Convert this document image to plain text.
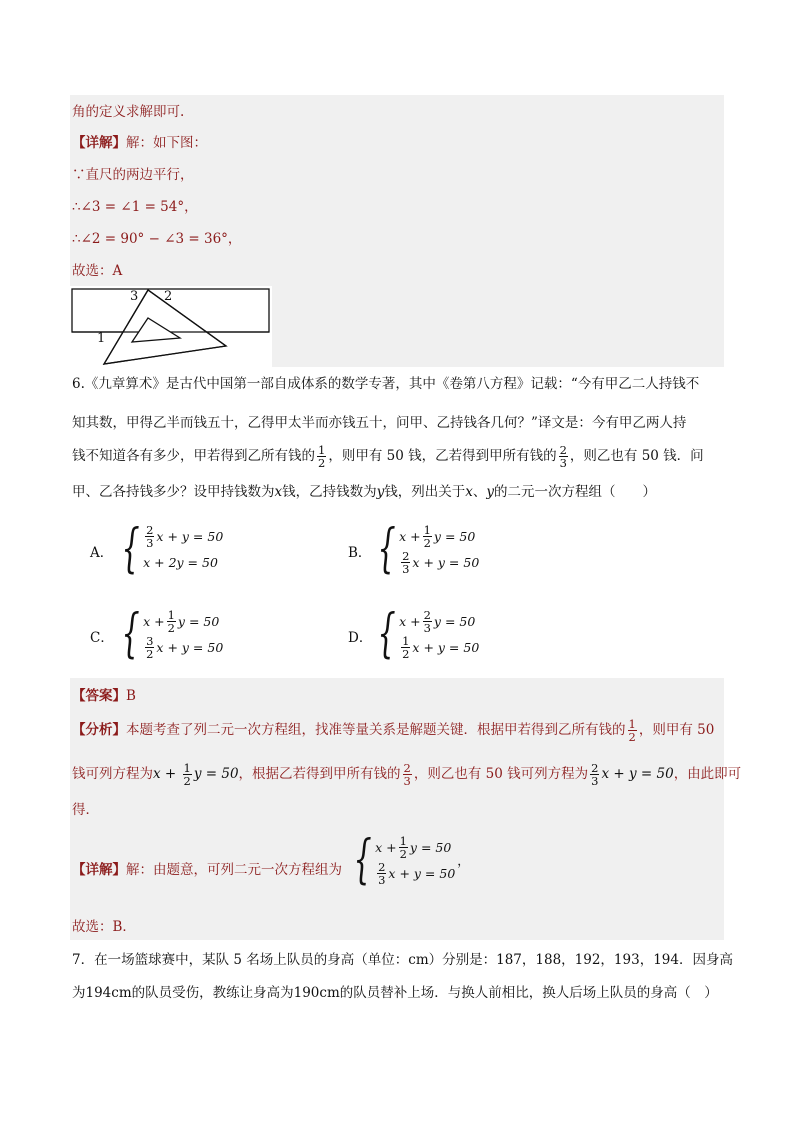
角的定义求解即可.
【详解】解：如下图：
∵直尺的两边平行，
∴∠3 = ∠1 = 54°，
∴∠2 = 90° − ∠3 = 36°，
故选：A
3 2
1
6.《九章算术》是古代中国第一部自成体系的数学专著，其中《卷第八方程》记载：“今有甲乙二人持钱不
知其数，甲得乙半而钱五十，乙得甲太半而亦钱五十，问甲、乙持钱各几何？”译文是：今有甲乙两人持
钱不知道各有多少，甲若得到乙所有钱的 $\frac{1}{2}$ ，则甲有 50 钱，乙若得到甲所有钱的 $\frac{2}{3}$ ，则乙也有 50 钱．问
甲、乙各持钱多少？设甲持钱数为x钱，乙持钱数为y钱，列出关于x、y的二元一次方程组（　　）
A． { $\frac{2}{3}$ x + y = 50
x + 2y = 50
B． { $x + \frac{1}{2}$ y = 50
$\frac{2}{3}$ x + y = 50
C． { $x + \frac{1}{2}$ y = 50
$\frac{3}{2}$ x + y = 50
D． { $x + \frac{2}{3}$ y = 50
$\frac{1}{2}$ x + y = 50
【答案】B
【分析】本题考查了列二元一次方程组，找准等量关系是解题关键．根据甲若得到乙所有钱的 $\frac{1}{2}$ ，则甲有 50
钱可列方程为$x + \frac{1}{2}$ y = 50，根据乙若得到甲所有钱的 $\frac{2}{3}$ ，则乙也有 50 钱可列方程为 $\frac{2}{3}$ x + y = 50，由此即可
得．
【详解】解：由题意，可列二元一次方程组为 { $x + \frac{1}{2}$ y = 50
$\frac{2}{3}$ x + y = 50
，
故选：B．
7．在一场篮球赛中，某队 5 名场上队员的身高（单位：cm）分别是：187，188，192，193，194．因身高
为194cm的队员受伤，教练让身高为190cm的队员替补上场．与换人前相比，换人后场上队员的身高（　）
